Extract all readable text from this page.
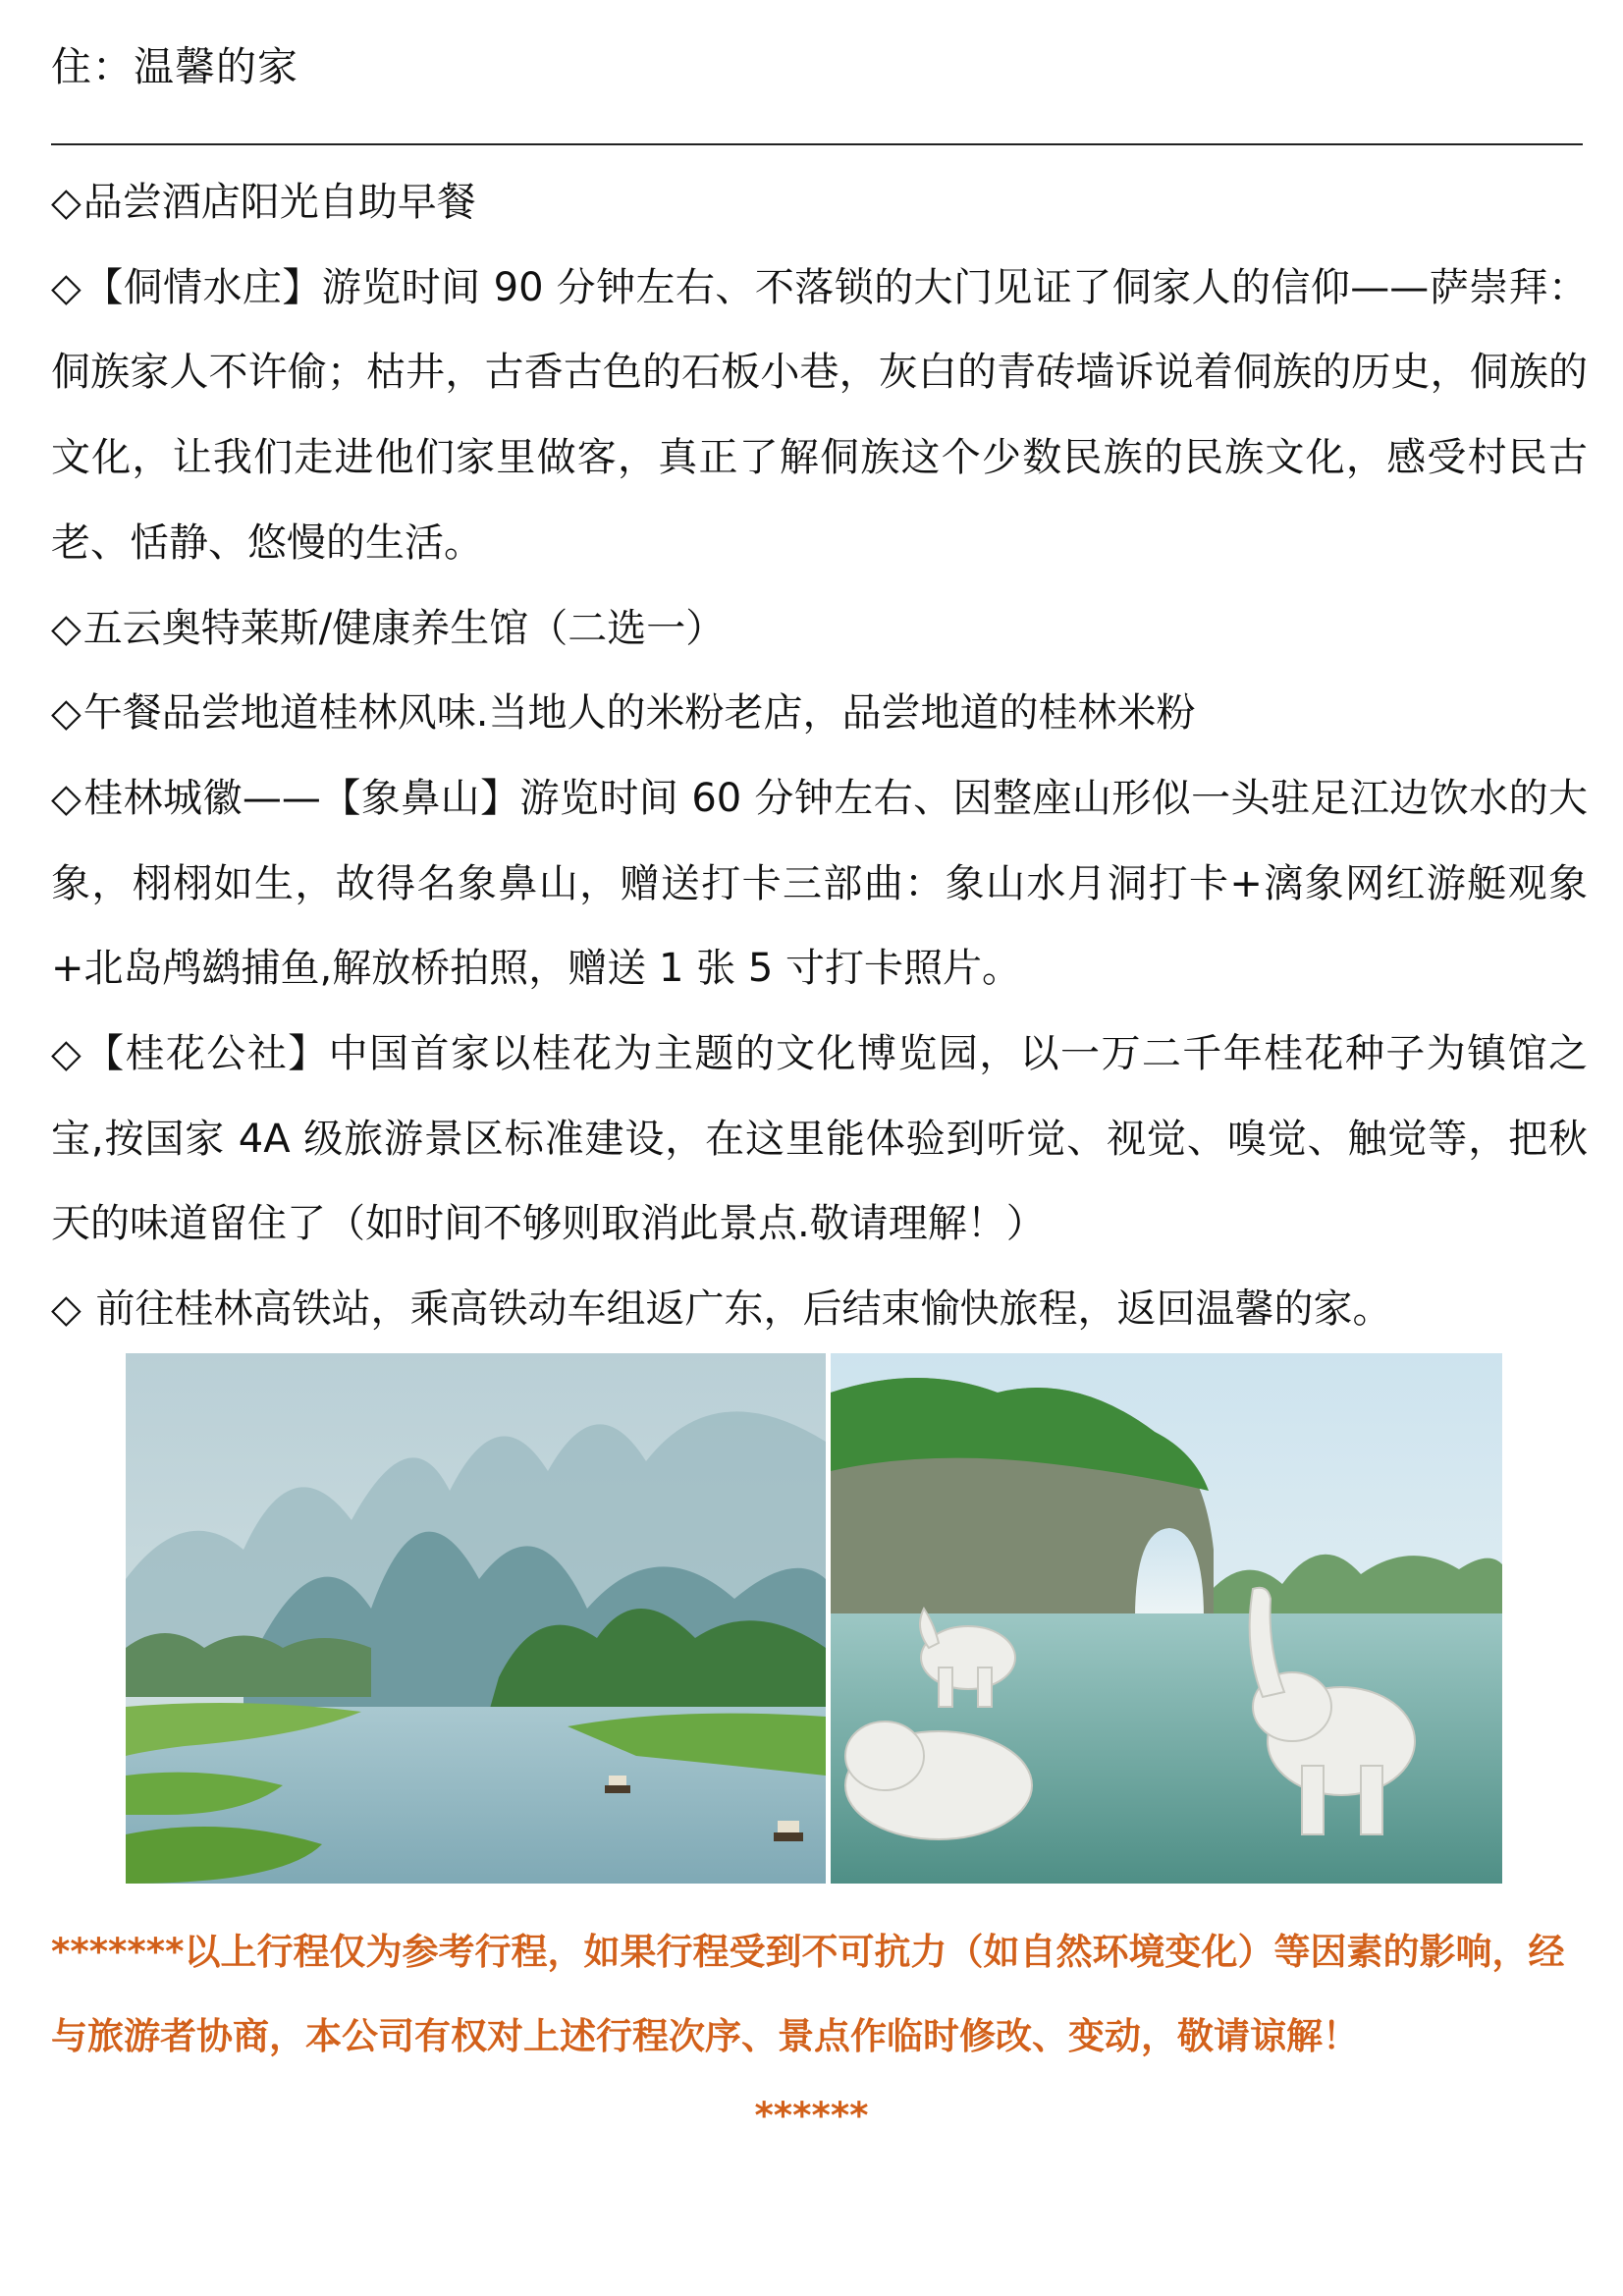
住：温馨的家
◇品尝酒店阳光自助早餐
◇【侗情水庄】游览时间 90 分钟左右、不落锁的大门见证了侗家人的信仰——萨崇拜：侗族家人不许偷；枯井，古香古色的石板小巷，灰白的青砖墙诉说着侗族的历史，侗族的文化，让我们走进他们家里做客，真正了解侗族这个少数民族的民族文化，感受村民古老、恬静、悠慢的生活。
◇五云奥特莱斯/健康养生馆（二选一）
◇午餐品尝地道桂林风味.当地人的米粉老店，品尝地道的桂林米粉
◇桂林城徽——【象鼻山】游览时间 60 分钟左右、因整座山形似一头驻足江边饮水的大象，栩栩如生，故得名象鼻山，赠送打卡三部曲：象山水月洞打卡+漓象网红游艇观象+北岛鸬鹚捕鱼,解放桥拍照，赠送 1 张 5 寸打卡照片。
◇【桂花公社】中国首家以桂花为主题的文化博览园，以一万二千年桂花种子为镇馆之宝,按国家 4A 级旅游景区标准建设，在这里能体验到听觉、视觉、嗅觉、触觉等，把秋天的味道留住了（如时间不够则取消此景点.敬请理解！）
◇ 前往桂林高铁站，乘高铁动车组返广东，后结束愉快旅程，返回温馨的家。
*******以上行程仅为参考行程，如果行程受到不可抗力（如自然环境变化）等因素的影响，经与旅游者协商，本公司有权对上述行程次序、景点作临时修改、变动，敬请谅解！
******
